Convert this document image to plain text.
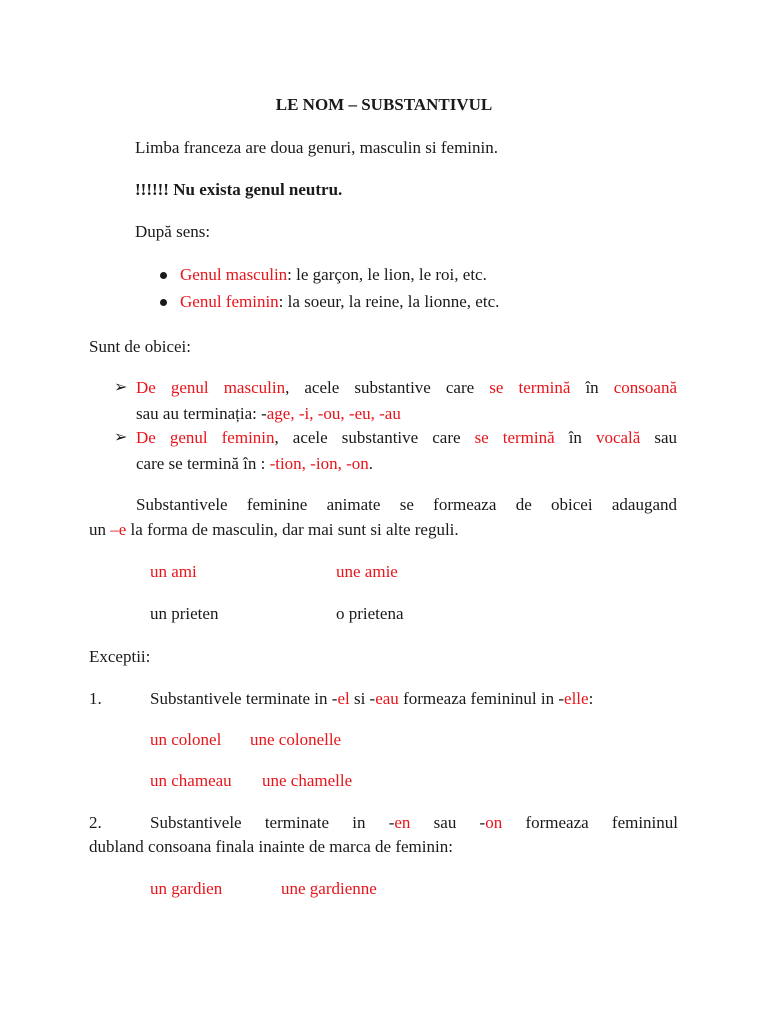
LE NOM – SUBSTANTIVUL
Limba franceza are doua genuri, masculin si feminin.
!!!!!! Nu exista genul neutru.
După sens:
Genul masculin: le garçon, le lion, le roi, etc.
Genul feminin: la soeur, la reine, la lionne, etc.
Sunt de obicei:
➢ De genul masculin, acele substantive care se termină în consoană
sau au terminația: -age, -i, -ou, -eu, -au
➢ De genul feminin, acele substantive care se termină în vocală sau
care se termină în : -tion, -ion, -on.
Substantivele feminine animate se formeaza de obicei adaugand
un –e la forma de masculin, dar mai sunt si alte reguli.
un ami	une amie
un prieten	o prietena
Exceptii:
1.	Substantivele terminate in -el si -eau formeaza femininul in -elle:
un colonel une colonelle
un chameau une chamelle
2.	Substantivele terminate in -en sau -on formeaza femininul
dubland consoana finala inainte de marca de feminin:
un gardien	une gardienne
